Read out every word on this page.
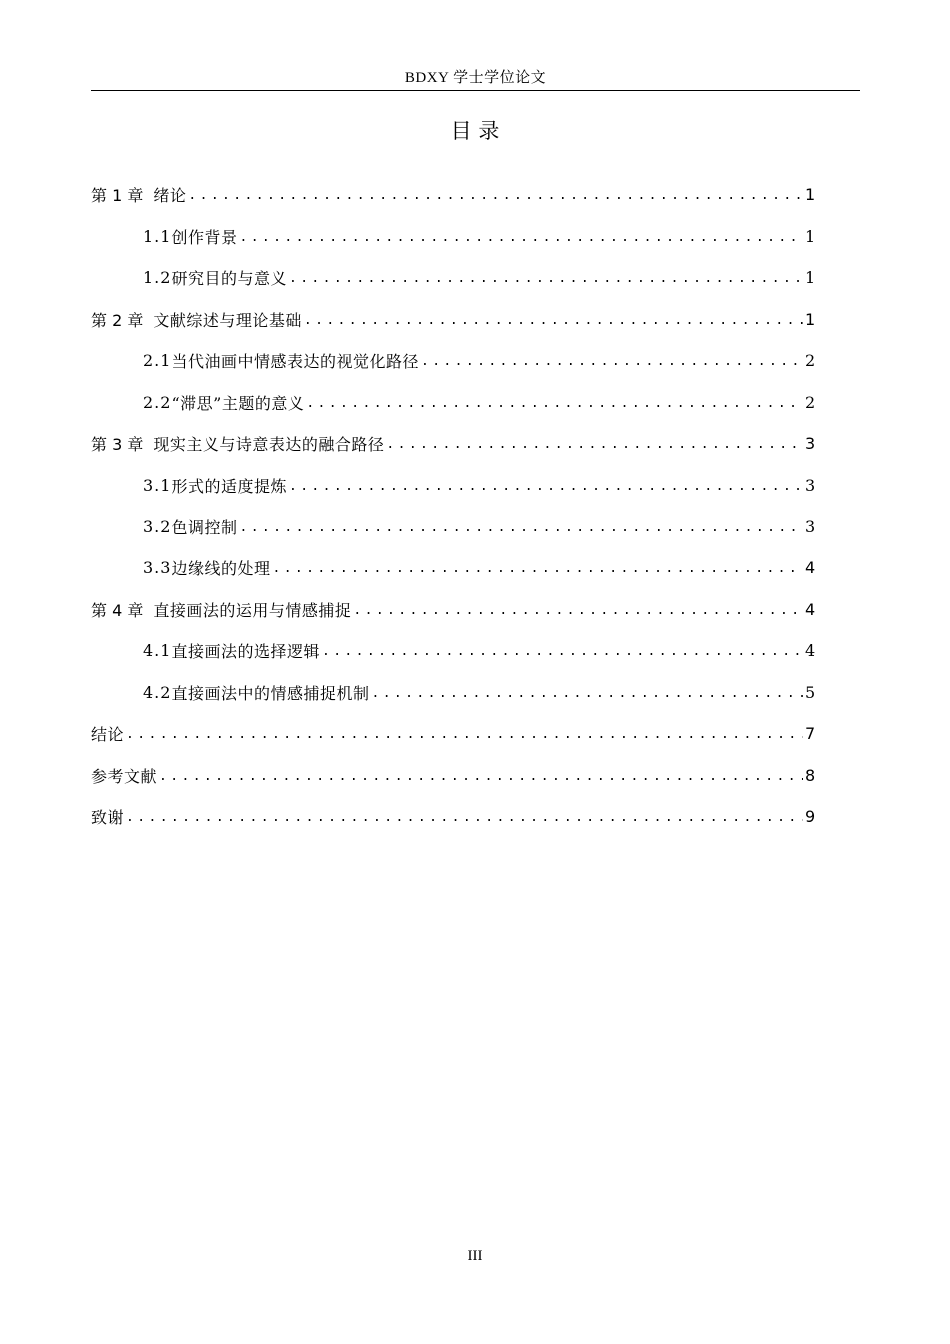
BDXY 学士学位论文
目 录
第 1 章 绪论 .....	1
1.1 创作背景 .....	1
1.2 研究目的与意义 .....	1
第 2 章 文献综述与理论基础 .....	1
2.1 当代油画中情感表达的视觉化路径 .....	2
2.2 “滞思”主题的意义 .....	2
第 3 章 现实主义与诗意表达的融合路径 .....	3
3.1 形式的适度提炼 .....	3
3.2 色调控制 .....	3
3.3 边缘线的处理 .....	4
第 4 章 直接画法的运用与情感捕捉 .....	4
4.1 直接画法的选择逻辑 .....	4
4.2 直接画法中的情感捕捉机制 .....	5
结论 .....	7
参考文献 .....	8
致谢 .....	9
III
